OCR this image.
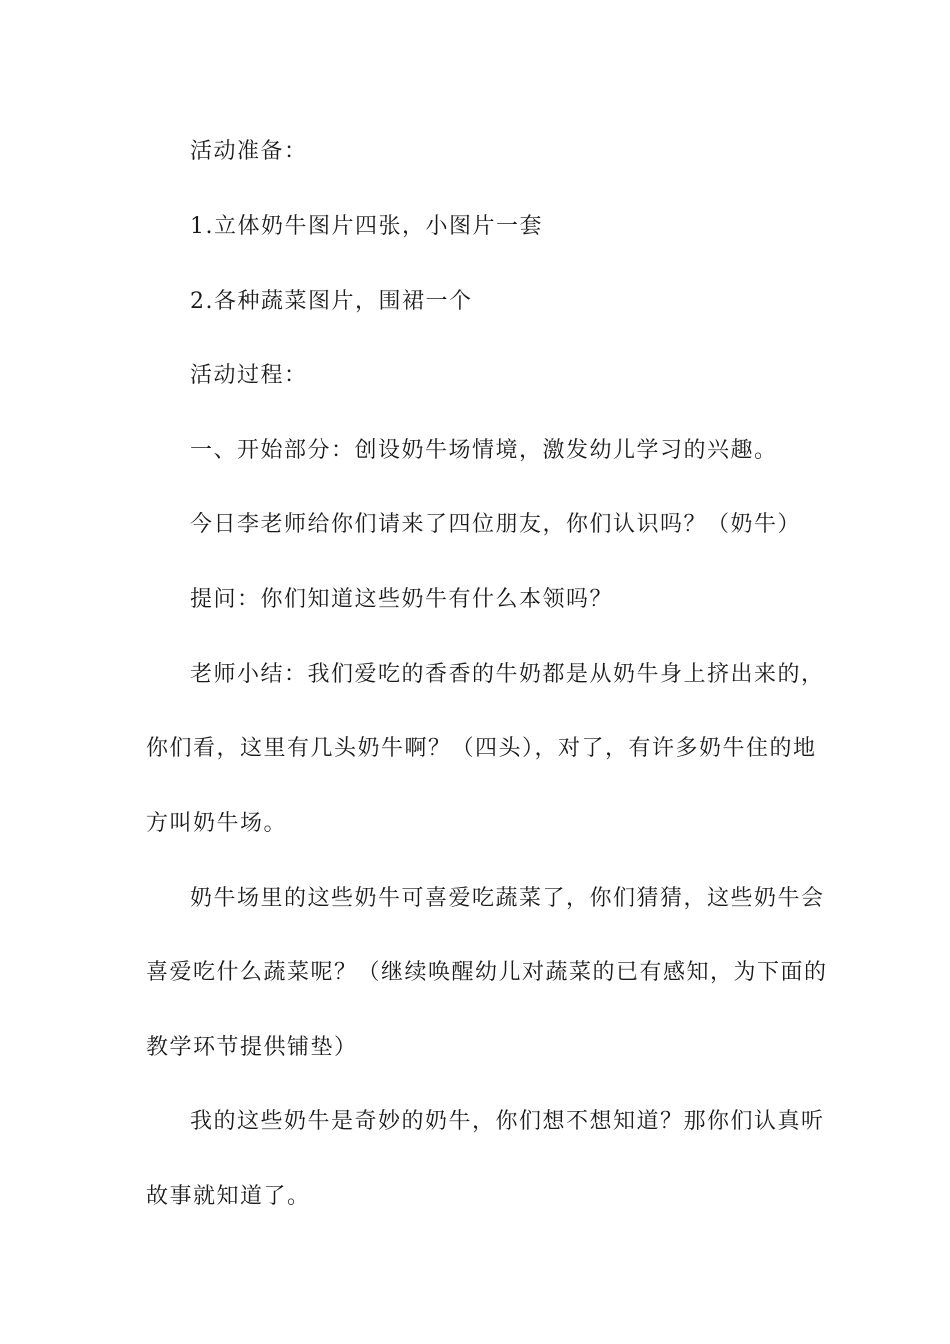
活动准备：
1.立体奶牛图片四张，小图片一套
2.各种蔬菜图片，围裙一个
活动过程：
一、开始部分：创设奶牛场情境，激发幼儿学习的兴趣。
今日李老师给你们请来了四位朋友，你们认识吗？（奶牛）
提问：你们知道这些奶牛有什么本领吗？
老师小结：我们爱吃的香香的牛奶都是从奶牛身上挤出来的，
你们看，这里有几头奶牛啊？（四头），对了，有许多奶牛住的地
方叫奶牛场。
奶牛场里的这些奶牛可喜爱吃蔬菜了，你们猜猜，这些奶牛会
喜爱吃什么蔬菜呢？（继续唤醒幼儿对蔬菜的已有感知，为下面的
教学环节提供铺垫）
我的这些奶牛是奇妙的奶牛，你们想不想知道？那你们认真听
故事就知道了。
